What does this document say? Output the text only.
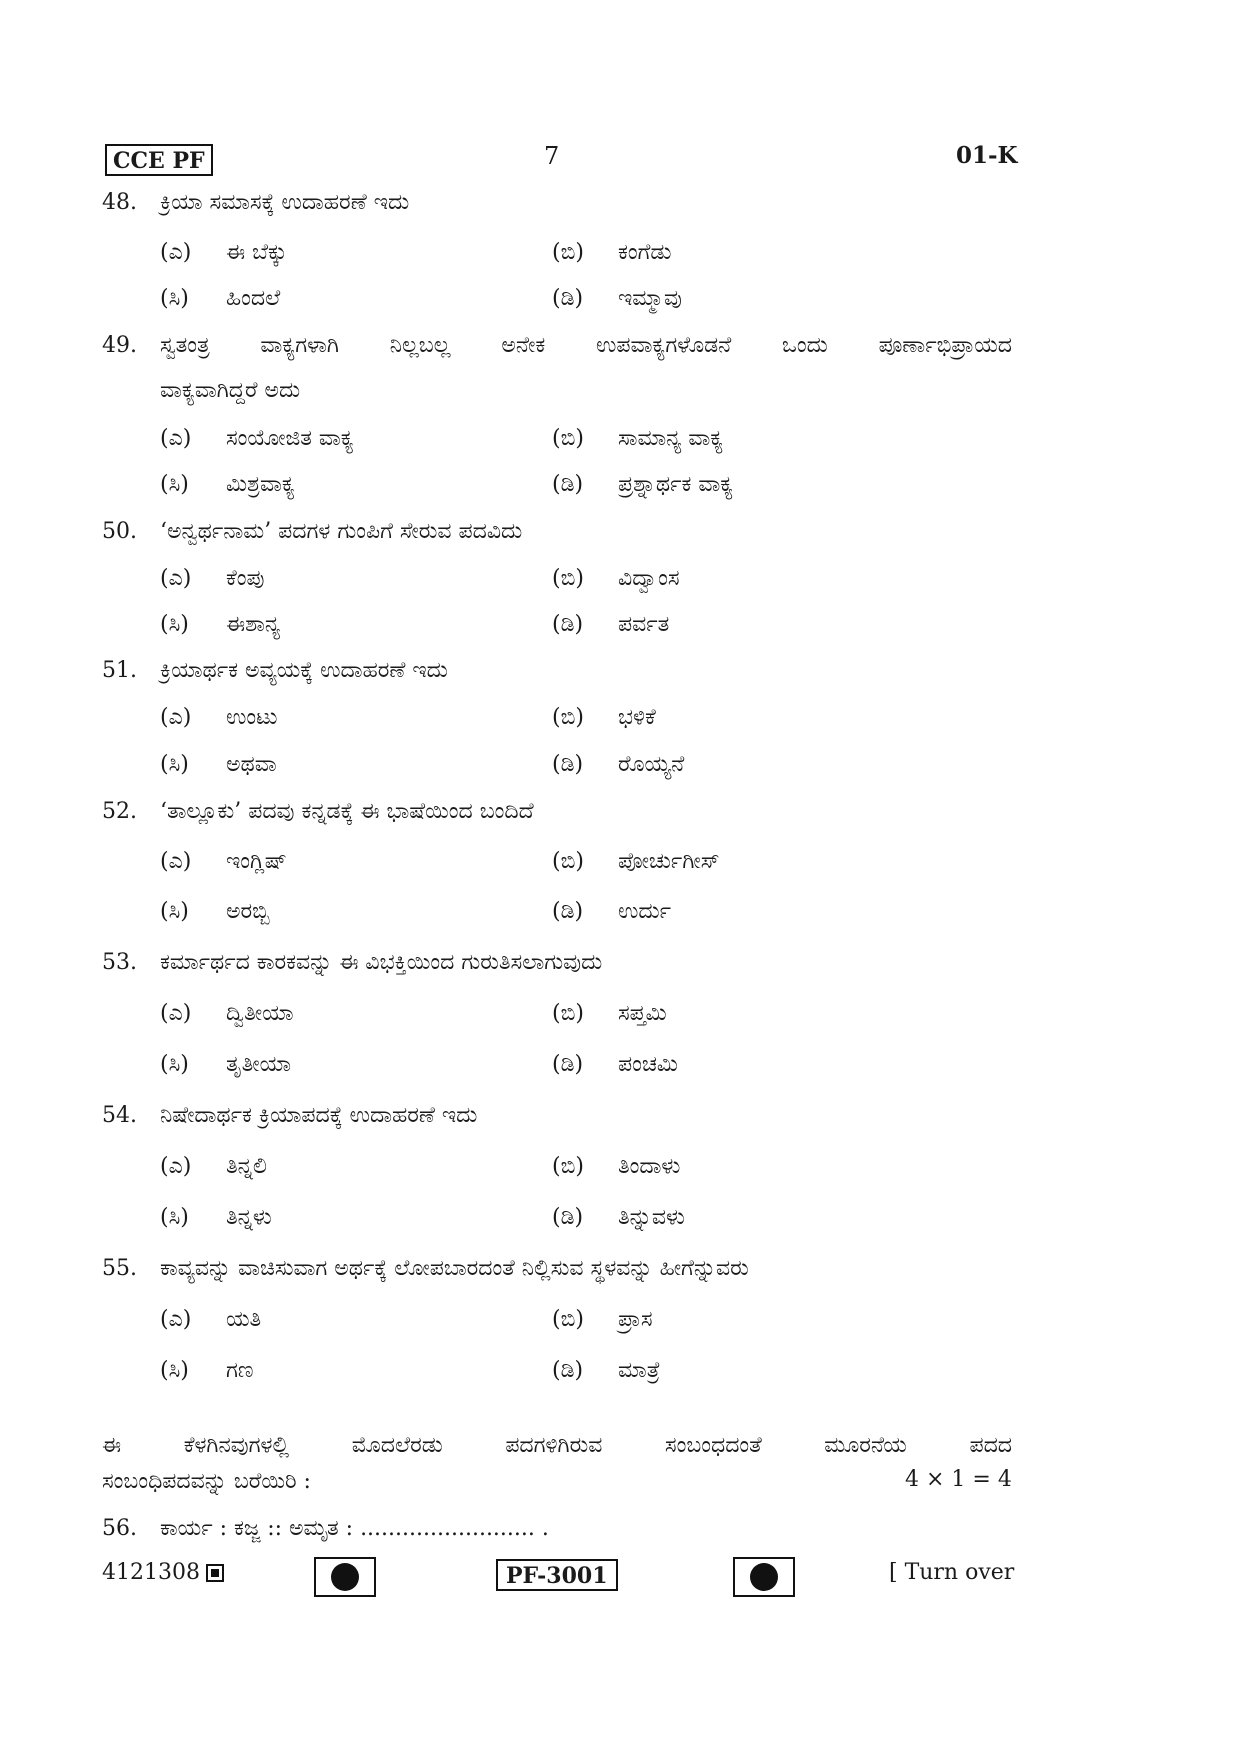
CCE PF	7	01-K
48. ಕ್ರಿಯಾ ಸಮಾಸಕ್ಕೆ ಉದಾಹರಣೆ ಇದು
(ಎ) ಈ ಬೆಕ್ಕು	(ಬಿ) ಕಂಗೆಡು
(ಸಿ) ಹಿಂದಲೆ	(ಡಿ) ಇಮ್ಮಾವು
49. ಸ್ವತಂತ್ರ ವಾಕ್ಯಗಳಾಗಿ ನಿಲ್ಲಬಲ್ಲ ಅನೇಕ ಉಪವಾಕ್ಯಗಳೊಡನೆ ಒಂದು ಪೂರ್ಣಾಭಿಪ್ರಾಯದ
ವಾಕ್ಯವಾಗಿದ್ದರೆ ಅದು
(ಎ) ಸಂಯೋಜಿತ ವಾಕ್ಯ	(ಬಿ) ಸಾಮಾನ್ಯ ವಾಕ್ಯ
(ಸಿ) ಮಿಶ್ರವಾಕ್ಯ	(ಡಿ) ಪ್ರಶ್ನಾರ್ಥಕ ವಾಕ್ಯ
50. ‘ಅನ್ವರ್ಥನಾಮ’ ಪದಗಳ ಗುಂಪಿಗೆ ಸೇರುವ ಪದವಿದು
(ಎ) ಕೆಂಪು	(ಬಿ) ವಿದ್ವಾಂಸ
(ಸಿ) ಈಶಾನ್ಯ	(ಡಿ) ಪರ್ವತ
51. ಕ್ರಿಯಾರ್ಥಕ ಅವ್ಯಯಕ್ಕೆ ಉದಾಹರಣೆ ಇದು
(ಎ) ಉಂಟು	(ಬಿ) ಭಳಿಕೆ
(ಸಿ) ಅಥವಾ	(ಡಿ) ರೊಯ್ಯನೆ
52. ‘ತಾಲ್ಲೂಕು’ ಪದವು ಕನ್ನಡಕ್ಕೆ ಈ ಭಾಷೆಯಿಂದ ಬಂದಿದೆ
(ಎ) ಇಂಗ್ಲಿಷ್	(ಬಿ) ಪೋರ್ಚುಗೀಸ್
(ಸಿ) ಅರಬ್ಬಿ	(ಡಿ) ಉರ್ದು
53. ಕರ್ಮಾರ್ಥದ ಕಾರಕವನ್ನು ಈ ವಿಭಕ್ತಿಯಿಂದ ಗುರುತಿಸಲಾಗುವುದು
(ಎ) ದ್ವಿತೀಯಾ	(ಬಿ) ಸಪ್ತಮಿ
(ಸಿ) ತೃತೀಯಾ	(ಡಿ) ಪಂಚಮಿ
54. ನಿಷೇದಾರ್ಥಕ ಕ್ರಿಯಾಪದಕ್ಕೆ ಉದಾಹರಣೆ ಇದು
(ಎ) ತಿನ್ನಲಿ	(ಬಿ) ತಿಂದಾಳು
(ಸಿ) ತಿನ್ನಳು	(ಡಿ) ತಿನ್ನುವಳು
55. ಕಾವ್ಯವನ್ನು ವಾಚಿಸುವಾಗ ಅರ್ಥಕ್ಕೆ ಲೋಪಬಾರದಂತೆ ನಿಲ್ಲಿಸುವ ಸ್ಥಳವನ್ನು ಹೀಗೆನ್ನುವರು
(ಎ) ಯತಿ	(ಬಿ) ಪ್ರಾಸ
(ಸಿ) ಗಣ	(ಡಿ) ಮಾತ್ರೆ
ಈ ಕೆಳಗಿನವುಗಳಲ್ಲಿ ಮೊದಲೆರಡು ಪದಗಳಿಗಿರುವ ಸಂಬಂಧದಂತೆ ಮೂರನೆಯ ಪದದ
ಸಂಬಂಧಿಪದವನ್ನು ಬರೆಯಿರಿ :	4 × 1 = 4
56. ಕಾರ್ಯ : ಕಜ್ಜ :: ಅಮೃತ : ......................... .
4121308	PF-3001	[ Turn over
